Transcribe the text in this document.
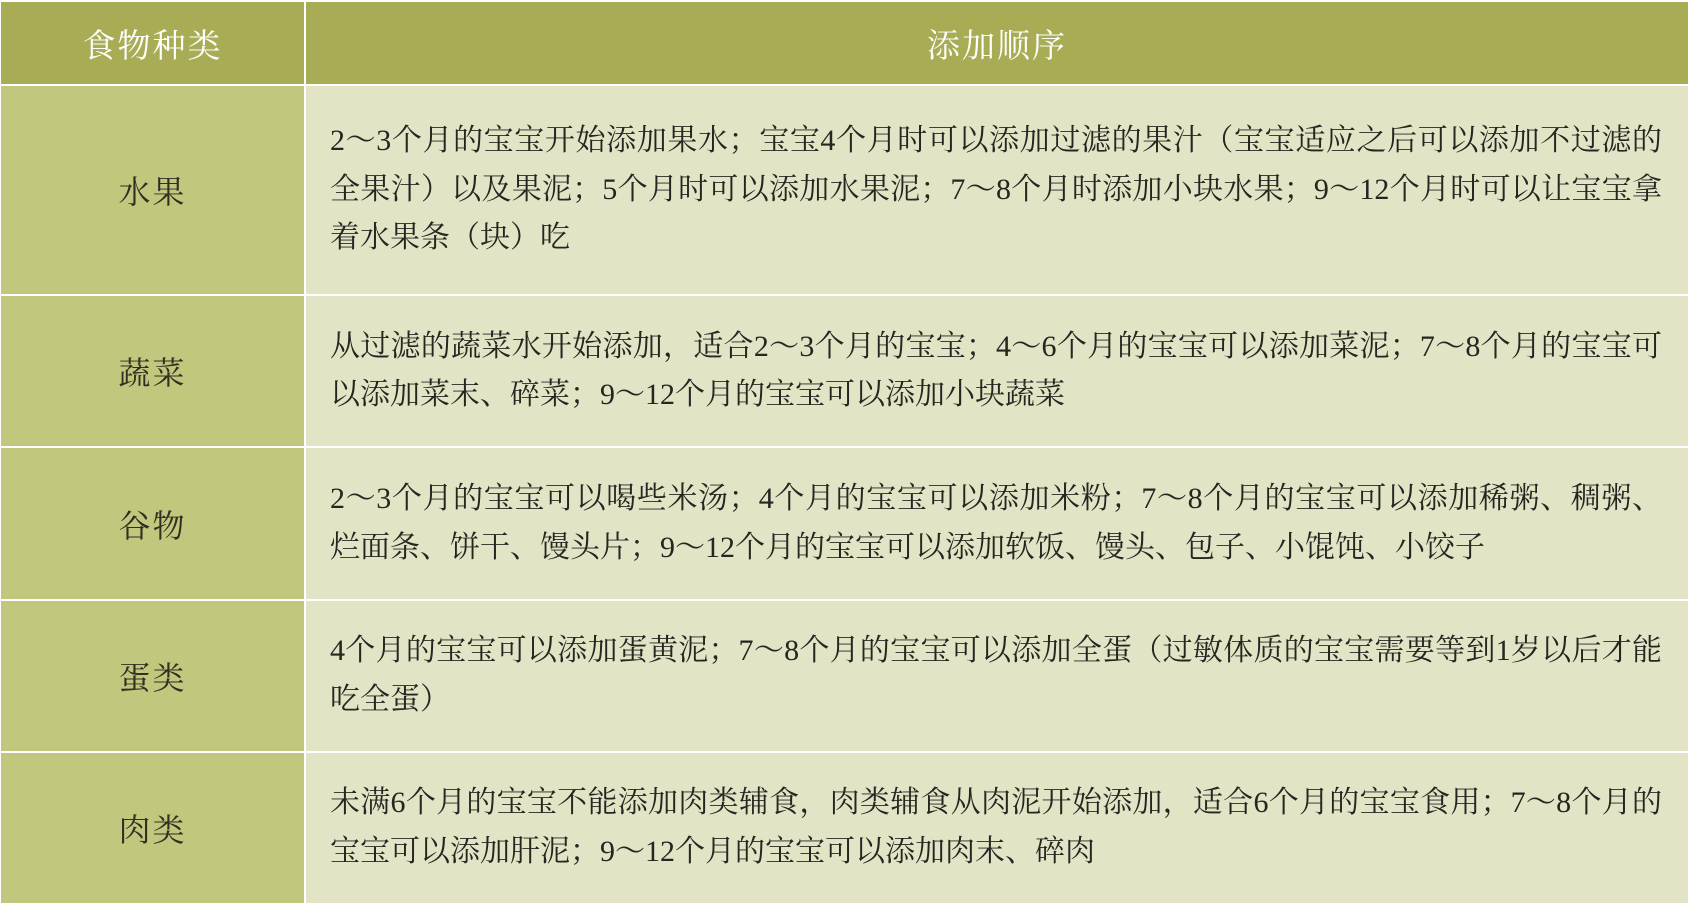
食物种类	添加顺序
水果	2～3个月的宝宝开始添加果水；宝宝4个月时可以添加过滤的果汁（宝宝适应之后可以添加不过滤的全果汁）以及果泥；5个月时可以添加水果泥；7～8个月时添加小块水果；9～12个月时可以让宝宝拿着水果条（块）吃
蔬菜	从过滤的蔬菜水开始添加，适合2～3个月的宝宝；4～6个月的宝宝可以添加菜泥；7～8个月的宝宝可以添加菜末、碎菜；9～12个月的宝宝可以添加小块蔬菜
谷物	2～3个月的宝宝可以喝些米汤；4个月的宝宝可以添加米粉；7～8个月的宝宝可以添加稀粥、稠粥、烂面条、饼干、馒头片；9～12个月的宝宝可以添加软饭、馒头、包子、小馄饨、小饺子
蛋类	4个月的宝宝可以添加蛋黄泥；7～8个月的宝宝可以添加全蛋（过敏体质的宝宝需要等到1岁以后才能吃全蛋）
肉类	未满6个月的宝宝不能添加肉类辅食，肉类辅食从肉泥开始添加，适合6个月的宝宝食用；7～8个月的宝宝可以添加肝泥；9～12个月的宝宝可以添加肉末、碎肉
